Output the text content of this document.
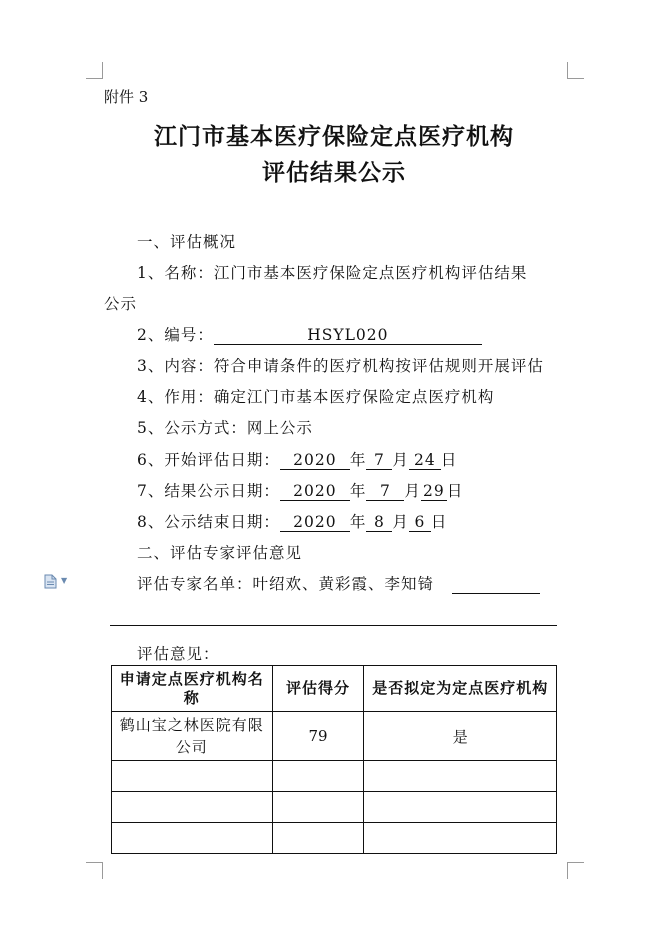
▼
附件 3
江门市基本医疗保险定点医疗机构
评估结果公示
一、评估概况
1、名称：江门市基本医疗保险定点医疗机构评估结果
公示
2、编号：	HSYL020
3、内容：符合申请条件的医疗机构按评估规则开展评估
4、作用：确定江门市基本医疗保险定点医疗机构
5、公示方式：网上公示
6、开始评估日期： 2020 年 7 月 24 日
7、结果公示日期： 2020 年 7 月 29 日
8、公示结束日期： 2020 年 8 月 6 日
二、评估专家评估意见
评估专家名单：叶绍欢、黄彩霞、李知锜
评估意见：
申请定点医疗机构名称	评估得分	是否拟定为定点医疗机构
鹤山宝之林医院有限公司	79	是
